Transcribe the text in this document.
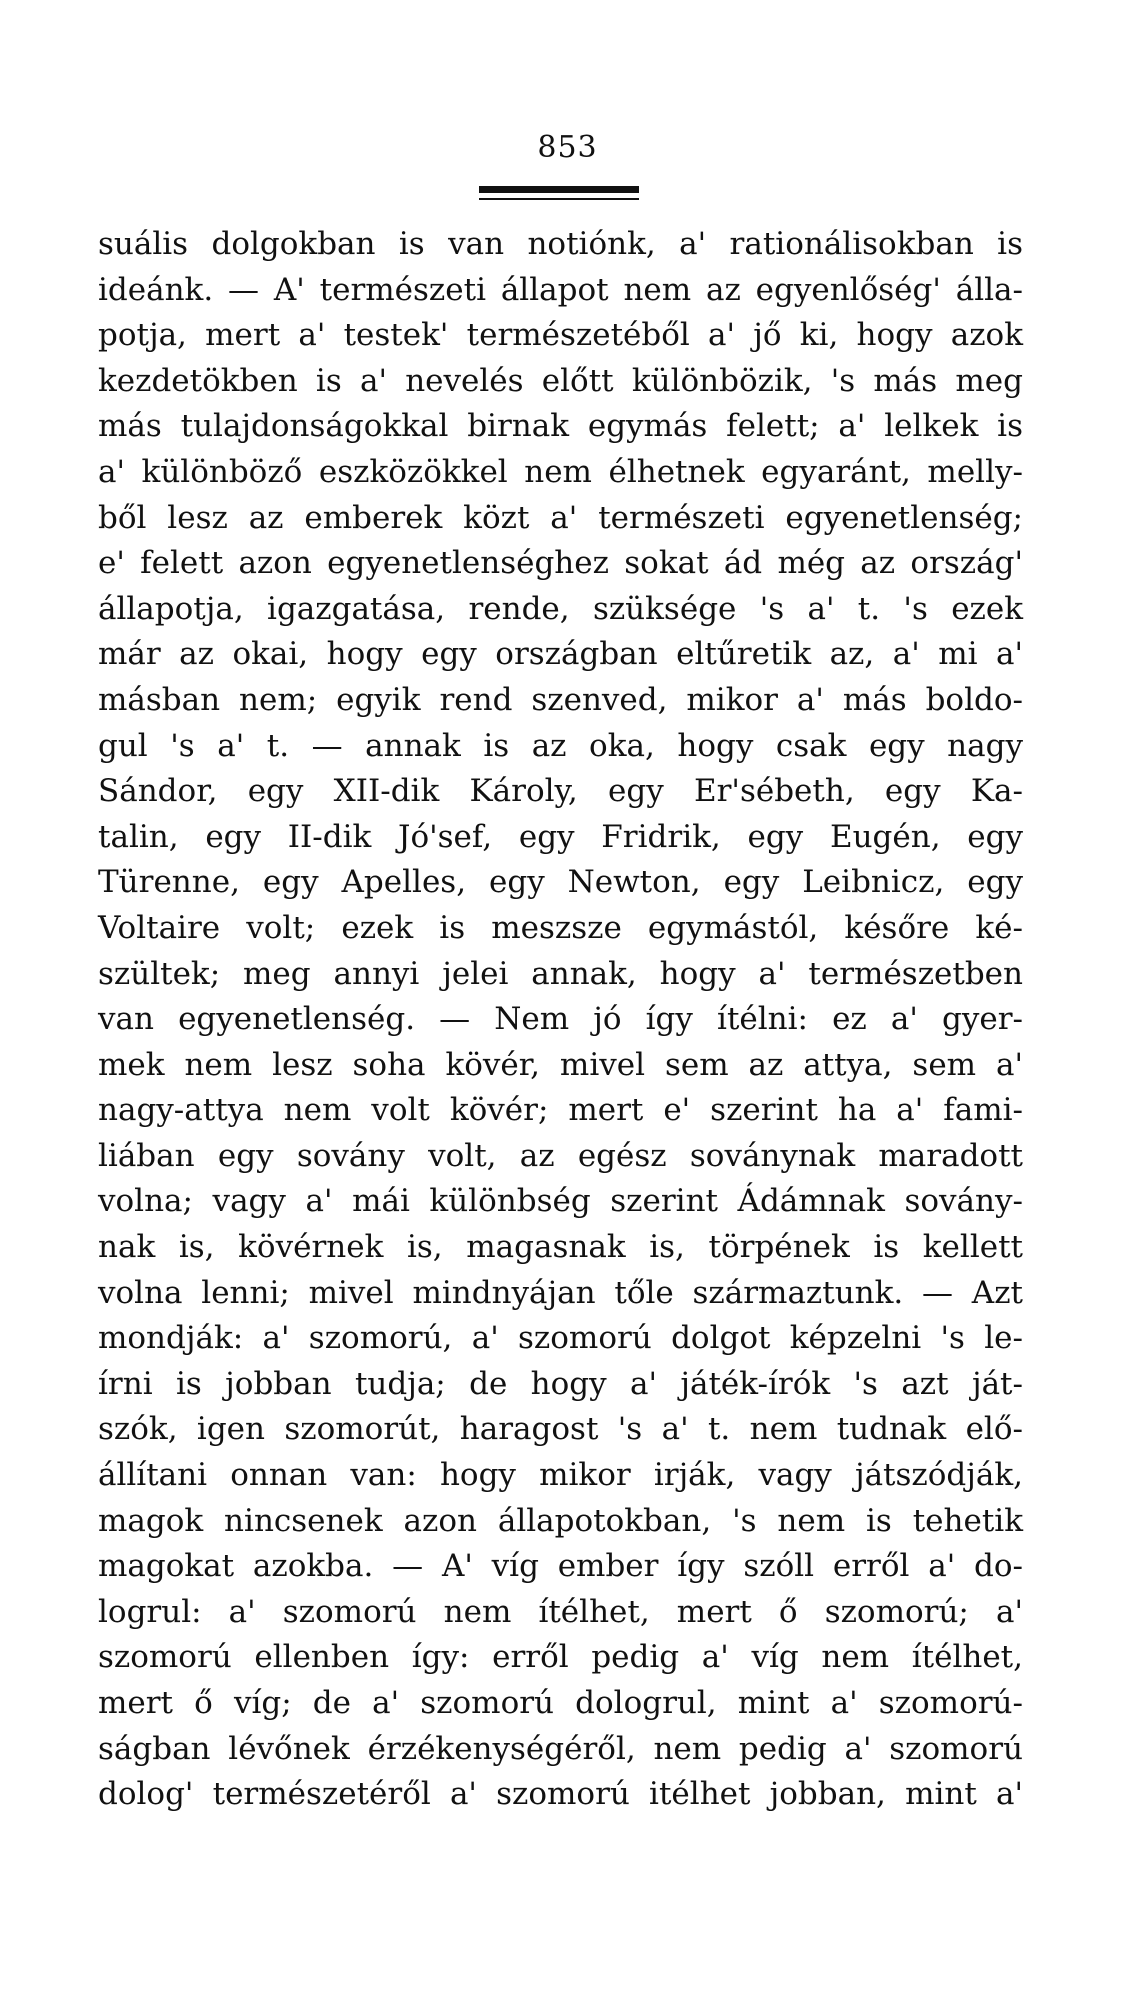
853
suális dolgokban is van notiónk, a' rationálisokban is
ideánk. — A' természeti állapot nem az egyenlőség' álla-
potja, mert a' testek' természetéből a' jő ki, hogy azok
kezdetökben is a' nevelés előtt különbözik, 's más meg
más tulajdonságokkal birnak egymás felett; a' lelkek is
a' különböző eszközökkel nem élhetnek egyaránt, melly-
ből lesz az emberek közt a' természeti egyenetlenség;
e' felett azon egyenetlenséghez sokat ád még az ország'
állapotja, igazgatása, rende, szüksége 's a' t. 's ezek
már az okai, hogy egy országban eltűretik az, a' mi a'
másban nem; egyik rend szenved, mikor a' más boldo-
gul 's a' t. — annak is az oka, hogy csak egy nagy
Sándor, egy XII-dik Károly, egy Er'sébeth, egy Ka-
talin, egy II-dik Jó'sef, egy Fridrik, egy Eugén, egy
Türenne, egy Apelles, egy Newton, egy Leibnicz, egy
Voltaire volt; ezek is meszsze egymástól, későre ké-
szültek; meg annyi jelei annak, hogy a' természetben
van egyenetlenség. — Nem jó így ítélni: ez a' gyer-
mek nem lesz soha kövér, mivel sem az attya, sem a'
nagy-attya nem volt kövér; mert e' szerint ha a' fami-
liában egy sovány volt, az egész soványnak maradott
volna; vagy a' mái különbség szerint Ádámnak sovány-
nak is, kövérnek is, magasnak is, törpének is kellett
volna lenni; mivel mindnyájan tőle származtunk. — Azt
mondják: a' szomorú, a' szomorú dolgot képzelni 's le-
írni is jobban tudja; de hogy a' játék-írók 's azt ját-
szók, igen szomorút, haragost 's a' t. nem tudnak elő-
állítani onnan van: hogy mikor irják, vagy játszódják,
magok nincsenek azon állapotokban, 's nem is tehetik
magokat azokba. — A' víg ember így szóll erről a' do-
logrul: a' szomorú nem ítélhet, mert ő szomorú; a'
szomorú ellenben így: erről pedig a' víg nem ítélhet,
mert ő víg; de a' szomorú dologrul, mint a' szomorú-
ságban lévőnek érzékenységéről, nem pedig a' szomorú
dolog' természetéről a' szomorú itélhet jobban, mint a'
